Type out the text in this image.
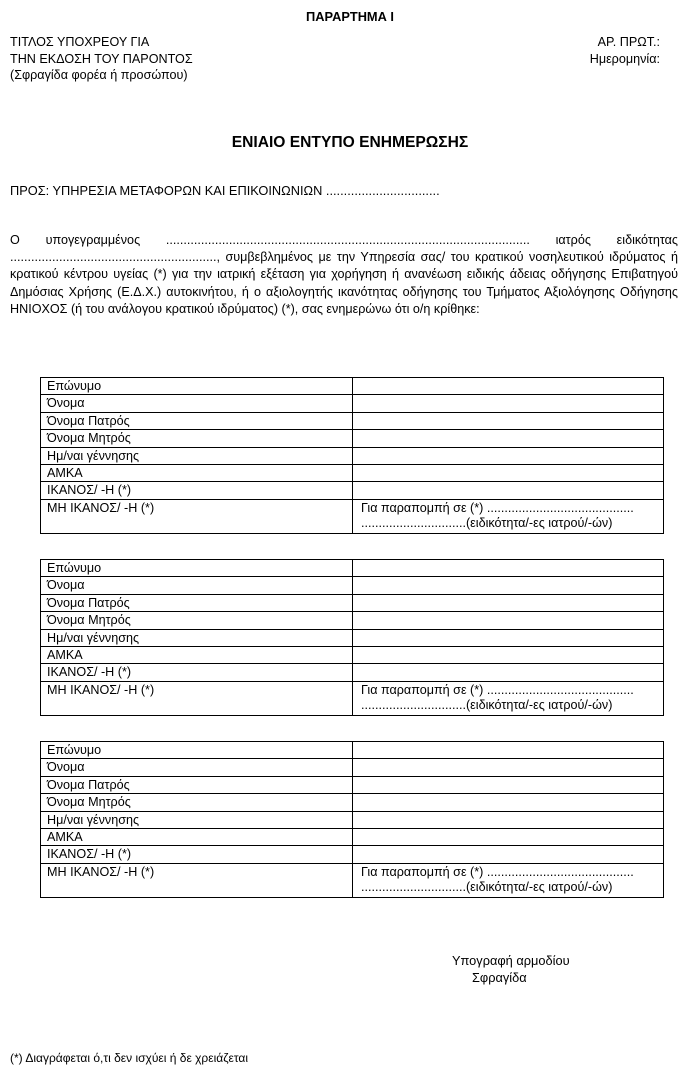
ΠΑΡΑΡΤΗΜΑ Ι
ΤΙΤΛΟΣ ΥΠΟΧΡΕΟΥ ΓΙΑ
ΤΗΝ ΕΚΔΟΣΗ ΤΟΥ ΠΑΡΟΝΤΟΣ
(Σφραγίδα φορέα ή προσώπου)
ΑΡ. ΠΡΩΤ.:
Ημερομηνία:
ΕΝΙΑΙΟ ΕΝΤΥΠΟ ΕΝΗΜΕΡΩΣΗΣ
ΠΡΟΣ: ΥΠΗΡΕΣΙΑ ΜΕΤΑΦΟΡΩΝ ΚΑΙ ΕΠΙΚΟΙΝΩΝΙΩΝ ................................

Ο υπογεγραμμένος ........................................................................................................ ιατρός ειδικότητας ..........................................................., συμβεβλημένος με την Υπηρεσία σας/ του κρατικού νοσηλευτικού ιδρύματος ή κρατικού κέντρου υγείας (*) για την ιατρική εξέταση για χορήγηση ή ανανέωση ειδικής άδειας οδήγησης Επιβατηγού Δημόσιας Χρήσης (Ε.Δ.Χ.) αυτοκινήτου, ή ο αξιολογητής ικανότητας οδήγησης του Τμήματος Αξιολόγησης Οδήγησης ΗΝΙΟΧΟΣ (ή του ανάλογου κρατικού ιδρύματος) (*), σας ενημερώνω ότι ο/η κρίθηκε:

Επώνυμο	
Όνομα	
Όνομα Πατρός	
Όνομα Μητρός	
Ημ/ναι γέννησης	
ΑΜΚΑ	
ΙΚΑΝΟΣ/ -Η (*)	
ΜΗ ΙΚΑΝΟΣ/ -Η (*)	Για παραπομπή σε (*) ..........................................
..............................(ειδικότητα/-ες ιατρού/-ών)
Επώνυμο	
Όνομα	
Όνομα Πατρός	
Όνομα Μητρός	
Ημ/ναι γέννησης	
ΑΜΚΑ	
ΙΚΑΝΟΣ/ -Η (*)	
ΜΗ ΙΚΑΝΟΣ/ -Η (*)	Για παραπομπή σε (*) ..........................................
..............................(ειδικότητα/-ες ιατρού/-ών)
Επώνυμο	
Όνομα	
Όνομα Πατρός	
Όνομα Μητρός	
Ημ/ναι γέννησης	
ΑΜΚΑ	
ΙΚΑΝΟΣ/ -Η (*)	
ΜΗ ΙΚΑΝΟΣ/ -Η (*)	Για παραπομπή σε (*) ..........................................
..............................(ειδικότητα/-ες ιατρού/-ών)
Υπογραφή αρμοδίου
Σφραγίδα
(*) Διαγράφεται ό,τι δεν ισχύει ή δε χρειάζεται
